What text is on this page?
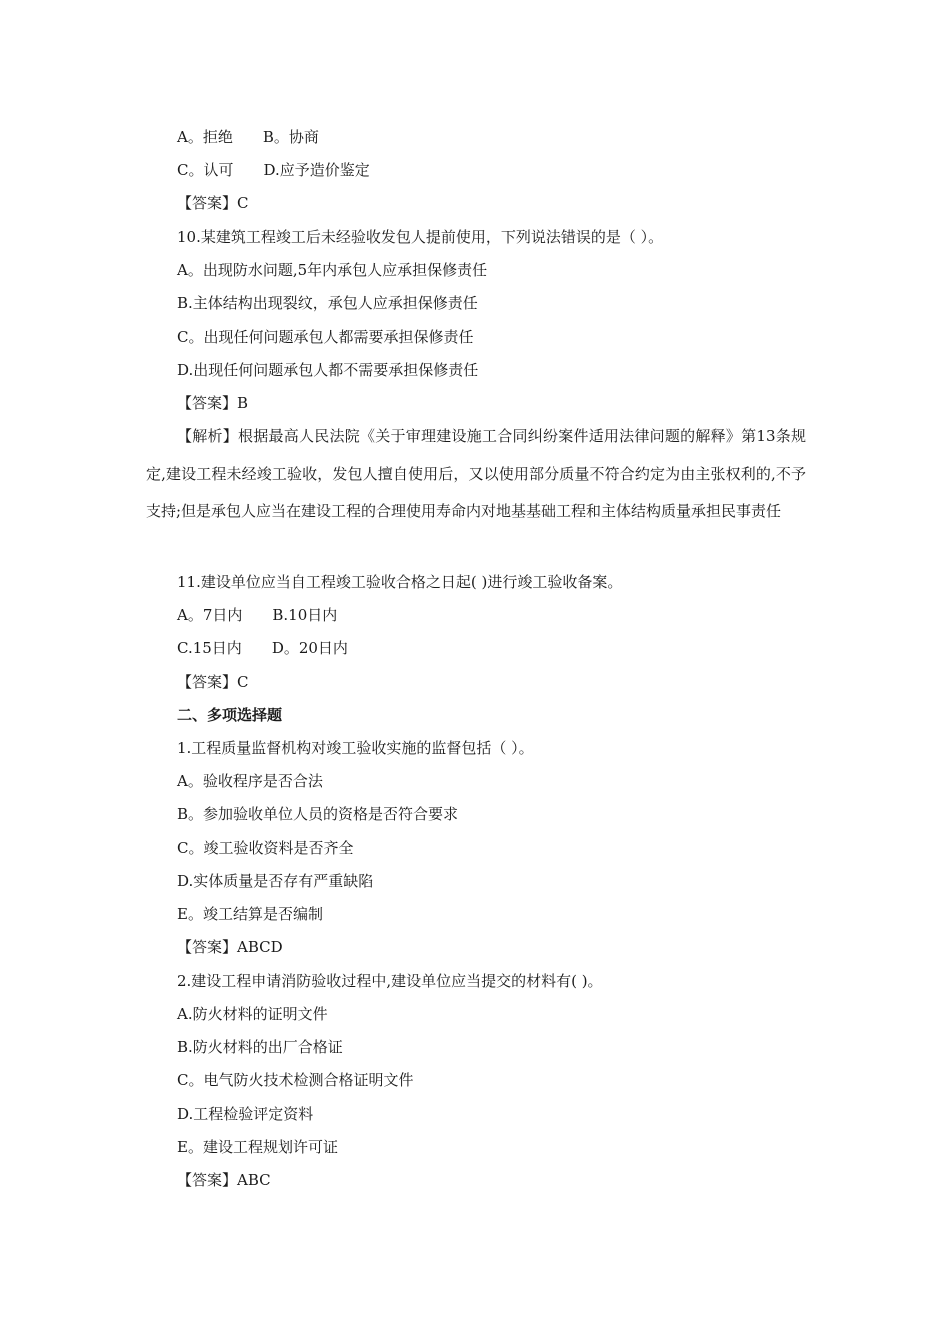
A。拒绝 B。协商
C。认可 D.应予造价鉴定
【答案】C
10.某建筑工程竣工后未经验收发包人提前使用，下列说法错误的是（ ）。
A。出现防水问题,5年内承包人应承担保修责任
B.主体结构出现裂纹，承包人应承担保修责任
C。出现任何问题承包人都需要承担保修责任
D.出现任何问题承包人都不需要承担保修责任
【答案】B
【解析】根据最高人民法院《关于审理建设施工合同纠纷案件适用法律问题的解释》第13条规定,建设工程未经竣工验收，发包人擅自使用后，又以使用部分质量不符合约定为由主张权利的,不予支持;但是承包人应当在建设工程的合理使用寿命内对地基基础工程和主体结构质量承担民事责任
11.建设单位应当自工程竣工验收合格之日起( )进行竣工验收备案。
A。7日内 B.10日内
C.15日内 D。20日内
【答案】C
二、多项选择题
1.工程质量监督机构对竣工验收实施的监督包括（ ）。
A。验收程序是否合法
B。参加验收单位人员的资格是否符合要求
C。竣工验收资料是否齐全
D.实体质量是否存有严重缺陷
E。竣工结算是否编制
【答案】ABCD
2.建设工程申请消防验收过程中,建设单位应当提交的材料有( )。
A.防火材料的证明文件
B.防火材料的出厂合格证
C。电气防火技术检测合格证明文件
D.工程检验评定资料
E。建设工程规划许可证
【答案】ABC
